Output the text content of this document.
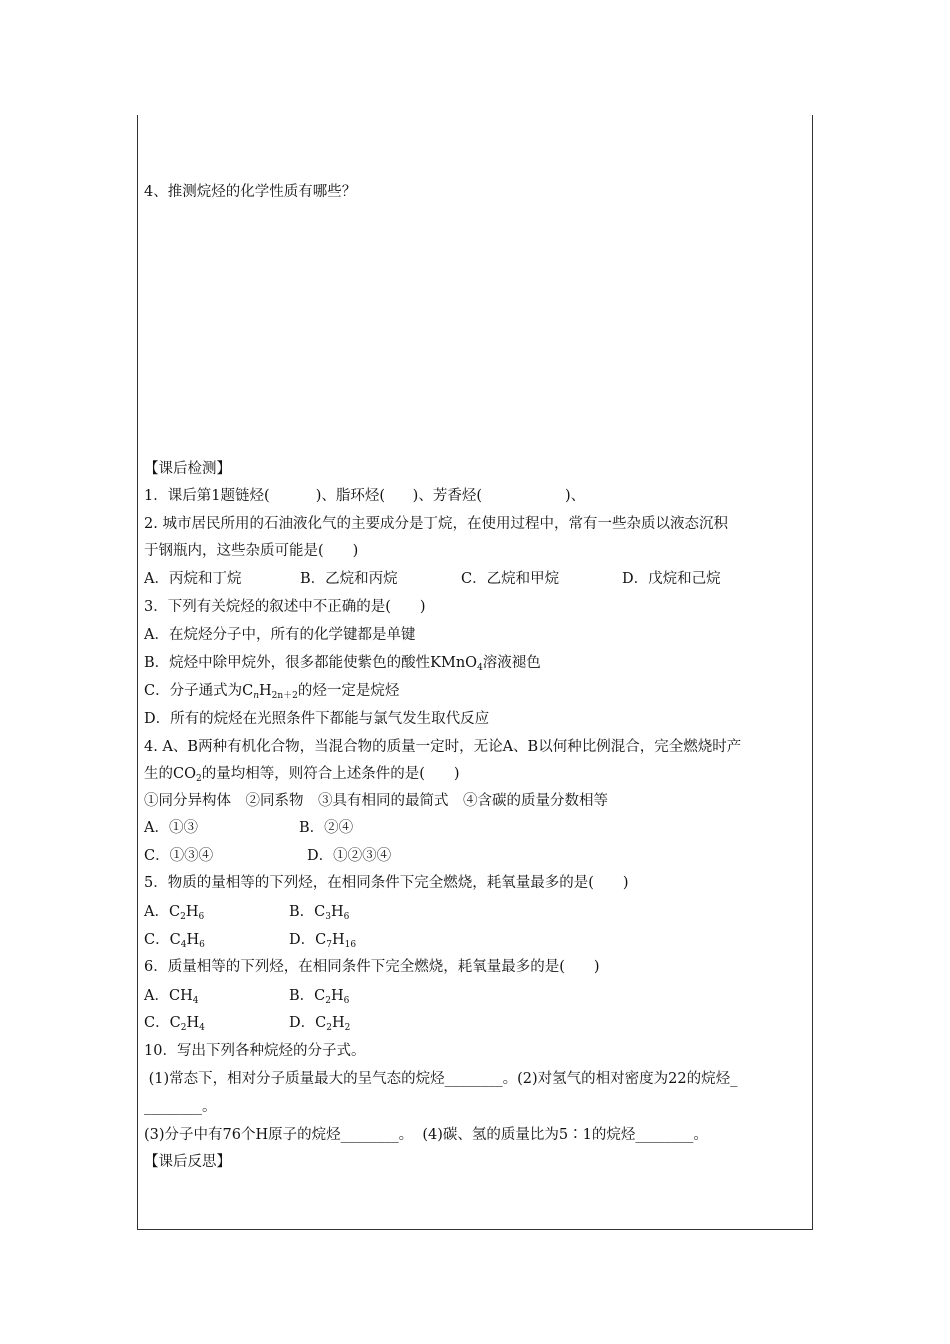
4、推测烷烃的化学性质有哪些？
【课后检测】
1．课后第1题链烃(          )、脂环烃(      )、芳香烃(                  )、
2. 城市居民所用的石油液化气的主要成分是丁烷，在使用过程中，常有一些杂质以液态沉积
于钢瓶内，这些杂质可能是(　　)
A．丙烷和丁烷	B．乙烷和丙烷	C．乙烷和甲烷	D．戊烷和己烷
3．下列有关烷烃的叙述中不正确的是(　　)
A．在烷烃分子中，所有的化学键都是单键
B．烷烃中除甲烷外，很多都能使紫色的酸性KMnO$_4$溶液褪色
C．分子通式为$C_nH_{2n+2}$的烃一定是烷烃
D．所有的烷烃在光照条件下都能与氯气发生取代反应
4. A、B两种有机化合物，当混合物的质量一定时，无论A、B以何种比例混合，完全燃烧时产
生的$CO_2$的量均相等，则符合上述条件的是(　　)
①同分异构体　②同系物　③具有相同的最简式　④含碳的质量分数相等
A．①③	B．②④
C．①③④	D．①②③④
5．物质的量相等的下列烃，在相同条件下完全燃烧，耗氧量最多的是(　　)
A．$C_2H_6$	B．$C_3H_6$
C．$C_4H_6$	D．$C_7H_{16}$
6．质量相等的下列烃，在相同条件下完全燃烧，耗氧量最多的是(　　)
A．$CH_4$	B．$C_2H_6$
C．$C_2H_4$	D．$C_2H_2$
10．写出下列各种烷烃的分子式。
(1)常态下，相对分子质量最大的呈气态的烷烃________。(2)对氢气的相对密度为22的烷烃_
________。
(3)分子中有76个H原子的烷烃________。  (4)碳、氢的质量比为5∶1的烷烃________。
【课后反思】
